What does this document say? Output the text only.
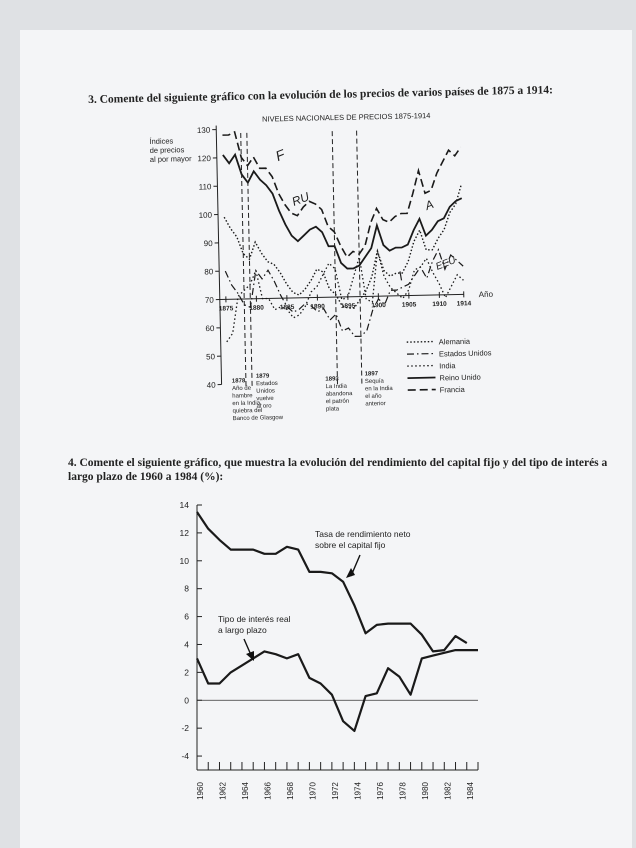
3. Comente del siguiente gráfico con la evolución de los precios de varios países de 1875 a 1914:
4. Comente el siguiente gráfico, que muestra la evolución del rendimiento del capital fijo y del tipo de interés a largo plazo de 1960 a 1984 (%):
130
120
110
100
90
80
70
60
50
40
1875 1880 1885 1890 1895 1900 1905 1910 1914
NIVELES NACIONALES DE PRECIOS 1875-1914
Índices
de precios
al por mayor
Año
Alemania
Estados Unidos
India
Reino Unido
Francia
1878
Año de
hambre
en la India,
quiebra del
Banco de Glasgow
1879
Estados
Unidos
vuelve
al oro
1893
La India
abandona
el patrón
plata
1897
Sequía
en la India
el año
anterior
F
RU
I
A
EEU
14
12
10
8
6
4
2
0
-2
-4
1960 1962 1964 1966 1968 1970 1972 1974 1976 1978 1980 1982 1984
Tasa de rendimiento neto
sobre el capital fijo
Tipo de interés real
a largo plazo
